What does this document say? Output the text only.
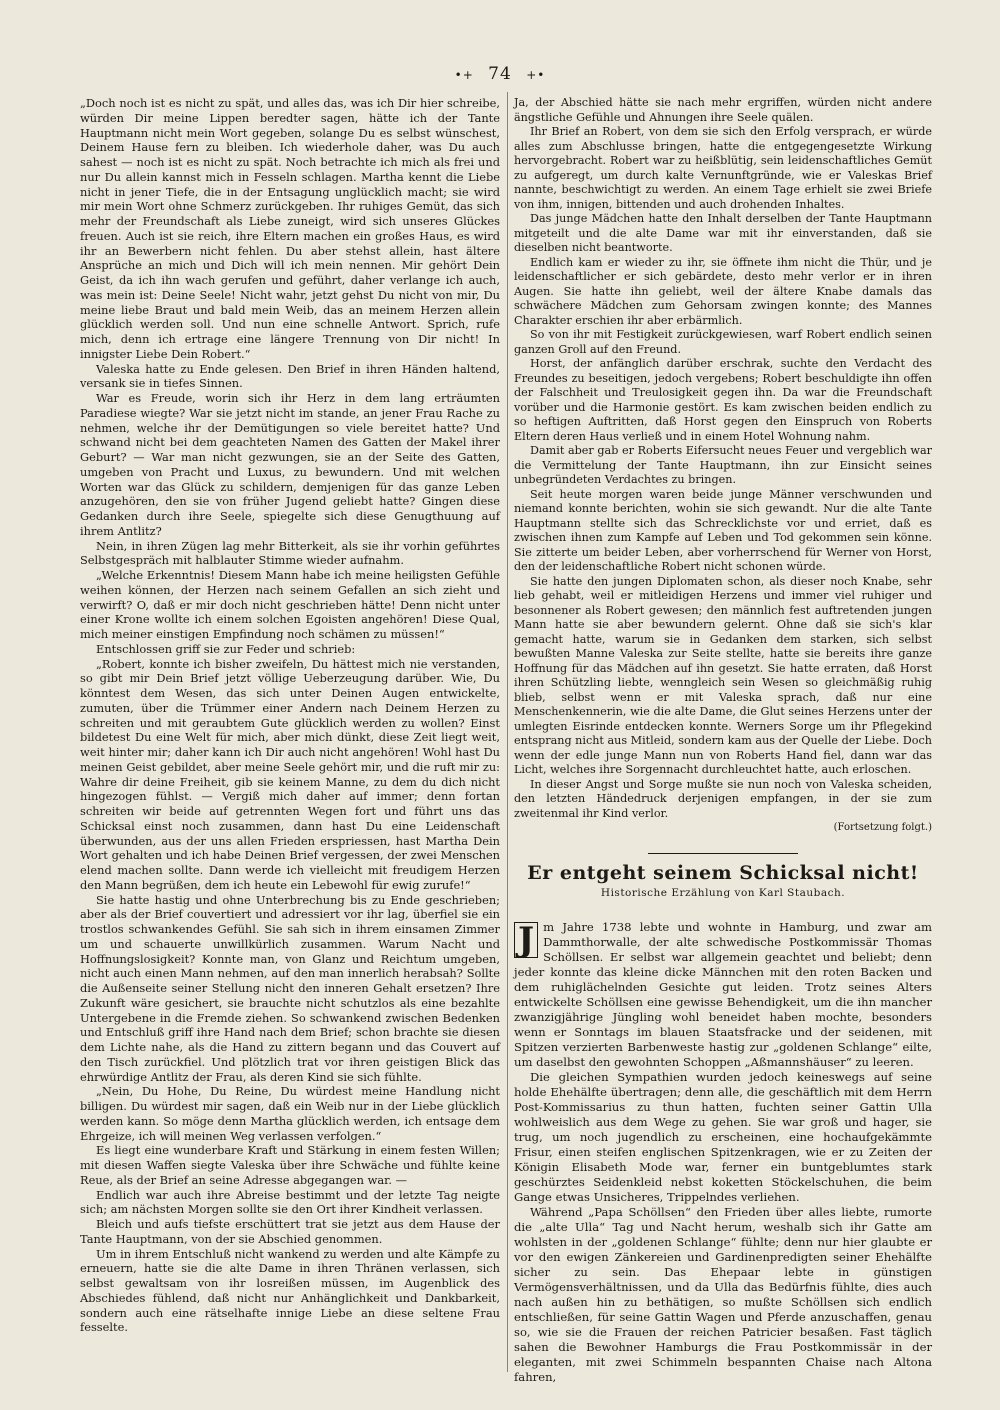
•+ 74 +•

„Doch noch ist es nicht zu spät, und alles das, was ich Dir hier schreibe, würden Dir meine Lippen beredter sagen, hätte ich der Tante Hauptmann nicht mein Wort gegeben, solange Du es selbst wünschest, Deinem Hause fern zu bleiben. Ich wiederhole daher, was Du auch sahest — noch ist es nicht zu spät. Noch betrachte ich mich als frei und nur Du allein kannst mich in Fesseln schlagen. Martha kennt die Liebe nicht in jener Tiefe, die in der Entsagung unglücklich macht; sie wird mir mein Wort ohne Schmerz zurückgeben. Ihr ruhiges Gemüt, das sich mehr der Freundschaft als Liebe zuneigt, wird sich unseres Glückes freuen. Auch ist sie reich, ihre Eltern machen ein großes Haus, es wird ihr an Bewerbern nicht fehlen. Du aber stehst allein, hast ältere Ansprüche an mich und Dich will ich mein nennen. Mir gehört Dein Geist, da ich ihn wach gerufen und geführt, daher verlange ich auch, was mein ist: Deine Seele! Nicht wahr, jetzt gehst Du nicht von mir, Du meine liebe Braut und bald mein Weib, das an meinem Herzen allein glücklich werden soll. Und nun eine schnelle Antwort. Sprich, rufe mich, denn ich ertrage eine längere Trennung von Dir nicht! In innigster Liebe Dein Robert.“

Valeska hatte zu Ende gelesen. Den Brief in ihren Händen haltend, versank sie in tiefes Sinnen.

War es Freude, worin sich ihr Herz in dem lang erträumten Paradiese wiegte? War sie jetzt nicht im stande, an jener Frau Rache zu nehmen, welche ihr der Demütigungen so viele bereitet hatte? Und schwand nicht bei dem geachteten Namen des Gatten der Makel ihrer Geburt? — War man nicht gezwungen, sie an der Seite des Gatten, umgeben von Pracht und Luxus, zu bewundern. Und mit welchen Worten war das Glück zu schildern, demjenigen für das ganze Leben anzugehören, den sie von früher Jugend geliebt hatte? Gingen diese Gedanken durch ihre Seele, spiegelte sich diese Genugthuung auf ihrem Antlitz?

Nein, in ihren Zügen lag mehr Bitterkeit, als sie ihr vorhin geführtes Selbstgespräch mit halblauter Stimme wieder aufnahm.

„Welche Erkenntnis! Diesem Mann habe ich meine heiligsten Gefühle weihen können, der Herzen nach seinem Gefallen an sich zieht und verwirft? O, daß er mir doch nicht geschrieben hätte! Denn nicht unter einer Krone wollte ich einem solchen Egoisten angehören! Diese Qual, mich meiner einstigen Empfindung noch schämen zu müssen!“

Entschlossen griff sie zur Feder und schrieb:

„Robert, konnte ich bisher zweifeln, Du hättest mich nie verstanden, so gibt mir Dein Brief jetzt völlige Ueberzeugung darüber. Wie, Du könntest dem Wesen, das sich unter Deinen Augen entwickelte, zumuten, über die Trümmer einer Andern nach Deinem Herzen zu schreiten und mit geraubtem Gute glücklich werden zu wollen? Einst bildetest Du eine Welt für mich, aber mich dünkt, diese Zeit liegt weit, weit hinter mir; daher kann ich Dir auch nicht angehören! Wohl hast Du meinen Geist gebildet, aber meine Seele gehört mir, und die ruft mir zu: Wahre dir deine Freiheit, gib sie keinem Manne, zu dem du dich nicht hingezogen fühlst. — Vergiß mich daher auf immer; denn fortan schreiten wir beide auf getrennten Wegen fort und führt uns das Schicksal einst noch zusammen, dann hast Du eine Leidenschaft überwunden, aus der uns allen Frieden erspriessen, hast Martha Dein Wort gehalten und ich habe Deinen Brief vergessen, der zwei Menschen elend machen sollte. Dann werde ich vielleicht mit freudigem Herzen den Mann begrüßen, dem ich heute ein Lebewohl für ewig zurufe!“

Sie hatte hastig und ohne Unterbrechung bis zu Ende geschrieben; aber als der Brief couvertiert und adressiert vor ihr lag, überfiel sie ein trostlos schwankendes Gefühl. Sie sah sich in ihrem einsamen Zimmer um und schauerte unwillkürlich zusammen. Warum Nacht und Hoffnungslosigkeit? Konnte man, von Glanz und Reichtum umgeben, nicht auch einen Mann nehmen, auf den man innerlich herabsah? Sollte die Außenseite seiner Stellung nicht den inneren Gehalt ersetzen? Ihre Zukunft wäre gesichert, sie brauchte nicht schutzlos als eine bezahlte Untergebene in die Fremde ziehen. So schwankend zwischen Bedenken und Entschluß griff ihre Hand nach dem Brief; schon brachte sie diesen dem Lichte nahe, als die Hand zu zittern begann und das Couvert auf den Tisch zurückfiel. Und plötzlich trat vor ihren geistigen Blick das ehrwürdige Antlitz der Frau, als deren Kind sie sich fühlte.

„Nein, Du Hohe, Du Reine, Du würdest meine Handlung nicht billigen. Du würdest mir sagen, daß ein Weib nur in der Liebe glücklich werden kann. So möge denn Martha glücklich werden, ich entsage dem Ehrgeize, ich will meinen Weg verlassen verfolgen.“

Es liegt eine wunderbare Kraft und Stärkung in einem festen Willen; mit diesen Waffen siegte Valeska über ihre Schwäche und fühlte keine Reue, als der Brief an seine Adresse abgegangen war. —

Endlich war auch ihre Abreise bestimmt und der letzte Tag neigte sich; am nächsten Morgen sollte sie den Ort ihrer Kindheit verlassen.

Bleich und aufs tiefste erschüttert trat sie jetzt aus dem Hause der Tante Hauptmann, von der sie Abschied genommen.

Um in ihrem Entschluß nicht wankend zu werden und alte Kämpfe zu erneuern, hatte sie die alte Dame in ihren Thränen verlassen, sich selbst gewaltsam von ihr losreißen müssen, im Augenblick des Abschiedes fühlend, daß nicht nur Anhänglichkeit und Dankbarkeit, sondern auch eine rätselhafte innige Liebe an diese seltene Frau fesselte.

Ja, der Abschied hätte sie nach mehr ergriffen, würden nicht andere ängstliche Gefühle und Ahnungen ihre Seele quälen.

Ihr Brief an Robert, von dem sie sich den Erfolg versprach, er würde alles zum Abschlusse bringen, hatte die entgegengesetzte Wirkung hervorgebracht. Robert war zu heißblütig, sein leidenschaftliches Gemüt zu aufgeregt, um durch kalte Vernunftgründe, wie er Valeskas Brief nannte, beschwichtigt zu werden. An einem Tage erhielt sie zwei Briefe von ihm, innigen, bittenden und auch drohenden Inhaltes.

Das junge Mädchen hatte den Inhalt derselben der Tante Hauptmann mitgeteilt und die alte Dame war mit ihr einverstanden, daß sie dieselben nicht beantworte.

Endlich kam er wieder zu ihr, sie öffnete ihm nicht die Thür, und je leidenschaftlicher er sich gebärdete, desto mehr verlor er in ihren Augen. Sie hatte ihn geliebt, weil der ältere Knabe damals das schwächere Mädchen zum Gehorsam zwingen konnte; des Mannes Charakter erschien ihr aber erbärmlich.

So von ihr mit Festigkeit zurückgewiesen, warf Robert endlich seinen ganzen Groll auf den Freund.

Horst, der anfänglich darüber erschrak, suchte den Verdacht des Freundes zu beseitigen, jedoch vergebens; Robert beschuldigte ihn offen der Falschheit und Treulosigkeit gegen ihn. Da war die Freundschaft vorüber und die Harmonie gestört. Es kam zwischen beiden endlich zu so heftigen Auftritten, daß Horst gegen den Einspruch von Roberts Eltern deren Haus verließ und in einem Hotel Wohnung nahm.

Damit aber gab er Roberts Eifersucht neues Feuer und vergeblich war die Vermittelung der Tante Hauptmann, ihn zur Einsicht seines unbegründeten Verdachtes zu bringen.

Seit heute morgen waren beide junge Männer verschwunden und niemand konnte berichten, wohin sie sich gewandt. Nur die alte Tante Hauptmann stellte sich das Schrecklichste vor und erriet, daß es zwischen ihnen zum Kampfe auf Leben und Tod gekommen sein könne. Sie zitterte um beider Leben, aber vorherrschend für Werner von Horst, den der leidenschaftliche Robert nicht schonen würde.

Sie hatte den jungen Diplomaten schon, als dieser noch Knabe, sehr lieb gehabt, weil er mitleidigen Herzens und immer viel ruhiger und besonnener als Robert gewesen; den männlich fest auftretenden jungen Mann hatte sie aber bewundern gelernt. Ohne daß sie sich's klar gemacht hatte, warum sie in Gedanken dem starken, sich selbst bewußten Manne Valeska zur Seite stellte, hatte sie bereits ihre ganze Hoffnung für das Mädchen auf ihn gesetzt. Sie hatte erraten, daß Horst ihren Schützling liebte, wenngleich sein Wesen so gleichmäßig ruhig blieb, selbst wenn er mit Valeska sprach, daß nur eine Menschenkennerin, wie die alte Dame, die Glut seines Herzens unter der umlegten Eisrinde entdecken konnte. Werners Sorge um ihr Pflegekind entsprang nicht aus Mitleid, sondern kam aus der Quelle der Liebe. Doch wenn der edle junge Mann nun von Roberts Hand fiel, dann war das Licht, welches ihre Sorgennacht durchleuchtet hatte, auch erloschen.

In dieser Angst und Sorge mußte sie nun noch von Valeska scheiden, den letzten Händedruck derjenigen empfangen, in der sie zum zweitenmal ihr Kind verlor.

(Fortsetzung folgt.)

Er entgeht seinem Schicksal nicht!

Historische Erzählung von Karl Staubach.

J m Jahre 1738 lebte und wohnte in Hamburg, und zwar am Dammthorwalle, der alte schwedische Postkommissär Thomas Schöllsen. Er selbst war allgemein geachtet und beliebt; denn jeder konnte das kleine dicke Männchen mit den roten Backen und dem ruhiglächelnden Gesichte gut leiden. Trotz seines Alters entwickelte Schöllsen eine gewisse Behendigkeit, um die ihn mancher zwanzigjährige Jüngling wohl beneidet haben mochte, besonders wenn er Sonntags im blauen Staatsfracke und der seidenen, mit Spitzen verzierten Barbenweste hastig zur „goldenen Schlange“ eilte, um daselbst den gewohnten Schoppen „Aßmannshäuser“ zu leeren.

Die gleichen Sympathien wurden jedoch keineswegs auf seine holde Ehehälfte übertragen; denn alle, die geschäftlich mit dem Herrn Post-Kommissarius zu thun hatten, fuchten seiner Gattin Ulla wohlweislich aus dem Wege zu gehen. Sie war groß und hager, sie trug, um noch jugendlich zu erscheinen, eine hochaufgekämmte Frisur, einen steifen englischen Spitzenkragen, wie er zu Zeiten der Königin Elisabeth Mode war, ferner ein buntgeblumtes stark geschürztes Seidenkleid nebst koketten Stöckelschuhen, die beim Gange etwas Unsicheres, Trippelndes verliehen.

Während „Papa Schöllsen“ den Frieden über alles liebte, rumorte die „alte Ulla“ Tag und Nacht herum, weshalb sich ihr Gatte am wohlsten in der „goldenen Schlange“ fühlte; denn nur hier glaubte er vor den ewigen Zänkereien und Gardinenpredigten seiner Ehehälfte sicher zu sein. Das Ehepaar lebte in günstigen Vermögensverhältnissen, und da Ulla das Bedürfnis fühlte, dies auch nach außen hin zu bethätigen, so mußte Schöllsen sich endlich entschließen, für seine Gattin Wagen und Pferde anzuschaffen, genau so, wie sie die Frauen der reichen Patricier besaßen. Fast täglich sahen die Bewohner Hamburgs die Frau Postkommissär in der eleganten, mit zwei Schimmeln bespannten Chaise nach Altona fahren,
